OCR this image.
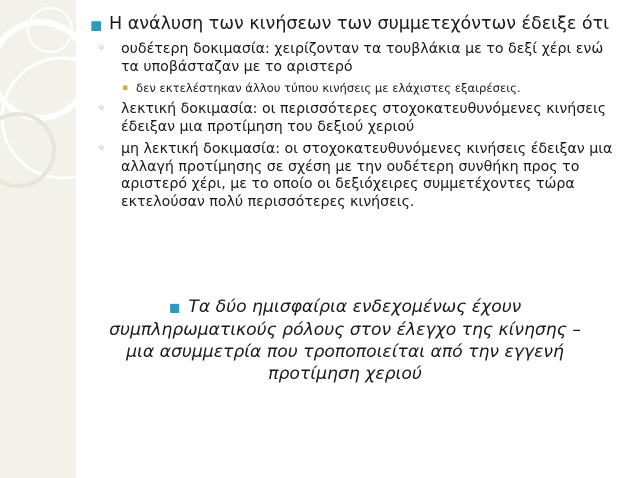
◼ Η ανάλυση των κινήσεων των συμμετεχόντων έδειξε ότι
◦ ουδέτερη δοκιμασία: χειρίζονταν τα τουβλάκια με το δεξί χέρι ενώ τα υποβάσταζαν με το αριστερό
▪ δεν εκτελέστηκαν άλλου τύπου κινήσεις με ελάχιστες εξαιρέσεις.
◦ λεκτική δοκιμασία: οι περισσότερες στοχοκατευθυνόμενες κινήσεις έδειξαν μια προτίμηση του δεξιού χεριού
◦ μη λεκτική δοκιμασία: οι στοχοκατευθυνόμενες κινήσεις έδειξαν μια αλλαγή προτίμησης σε σχέση με την ουδέτερη συνθήκη προς το αριστερό χέρι, με το οποίο οι δεξιόχειρες συμμετέχοντες τώρα εκτελούσαν πολύ περισσότερες κινήσεις.
◼ Τα δύο ημισφαίρια ενδεχομένως έχουν συμπληρωματικούς ρόλους στον έλεγχο της κίνησης – μια ασυμμετρία που τροποποιείται από την εγγενή προτίμηση χεριού
